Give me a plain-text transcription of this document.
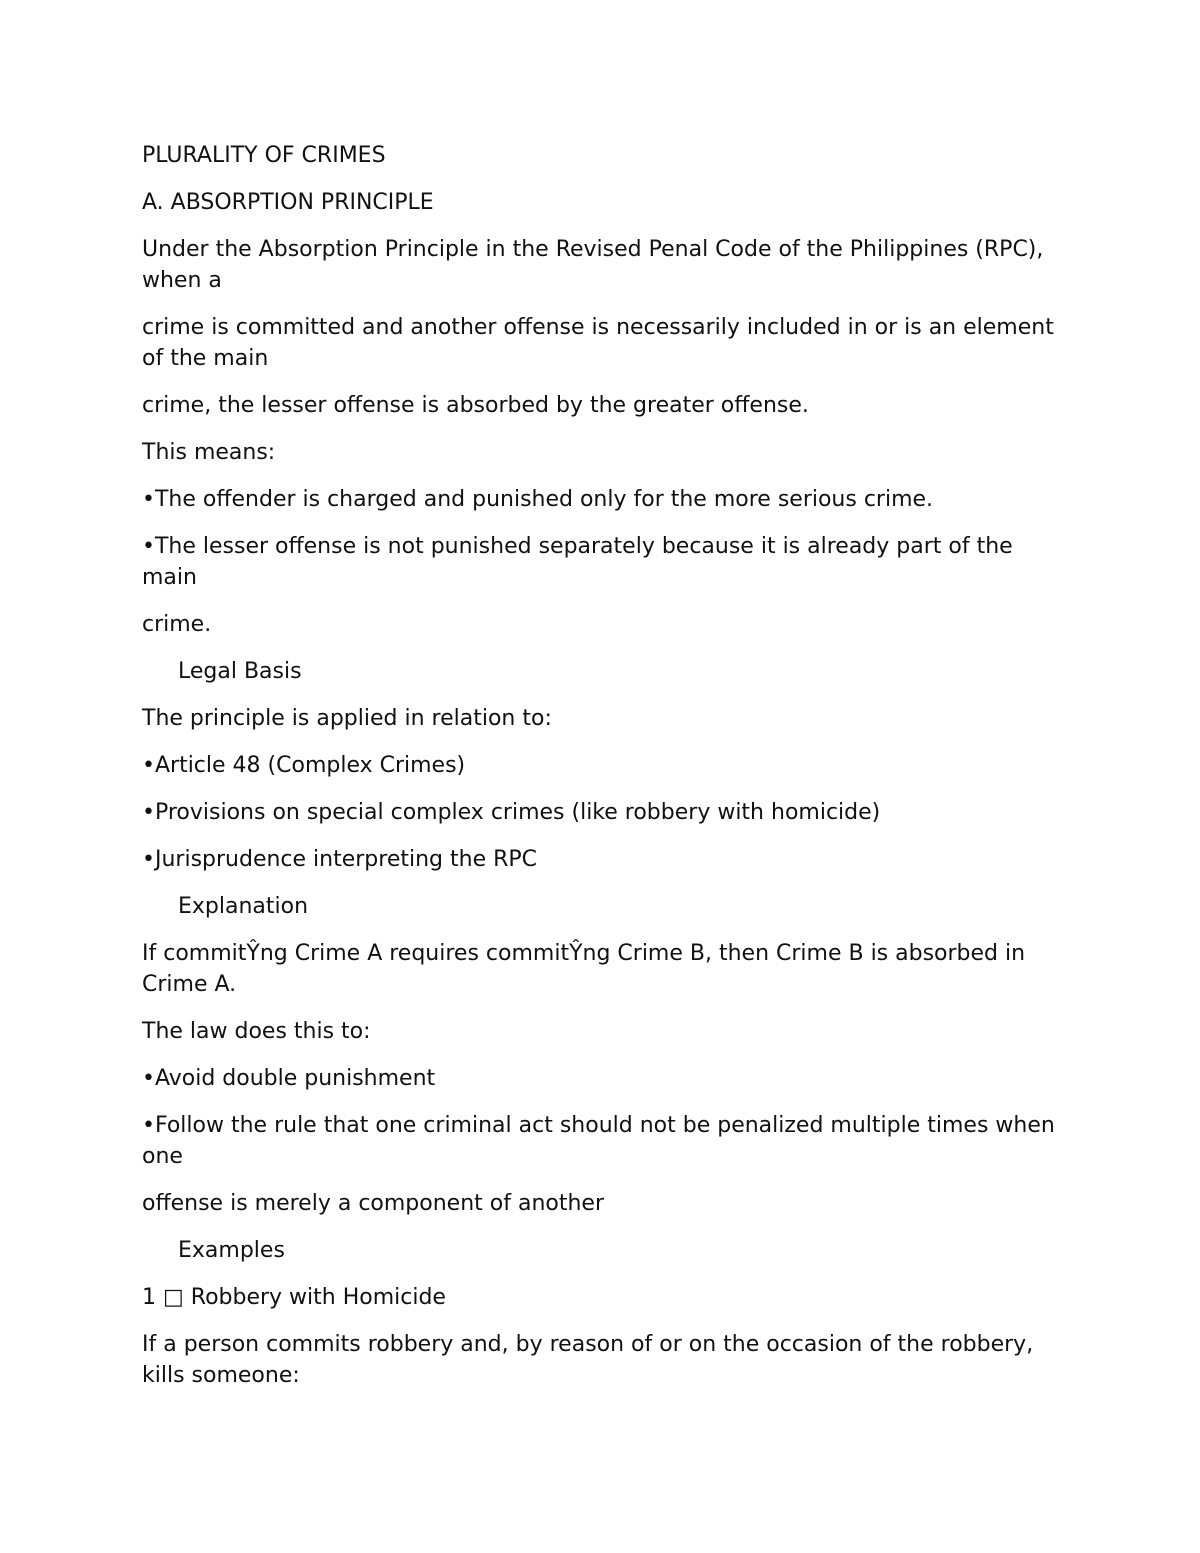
PLURALITY OF CRIMES

A. ABSORPTION PRINCIPLE

Under the Absorption Principle in the Revised Penal Code of the Philippines (RPC), when a

crime is committed and another offense is necessarily included in or is an element of the main

crime, the lesser offense is absorbed by the greater offense.

This means:

•The offender is charged and punished only for the more serious crime.

•The lesser offense is not punished separately because it is already part of the main

crime.

Legal Basis

The principle is applied in relation to:

•Article 48 (Complex Crimes)

•Provisions on special complex crimes (like robbery with homicide)

•Jurisprudence interpreting the RPC

Explanation

If commitŶng Crime A requires commitŶng Crime B, then Crime B is absorbed in Crime A.

The law does this to:

•Avoid double punishment

•Follow the rule that one criminal act should not be penalized multiple times when one

offense is merely a component of another

Examples

1 □ Robbery with Homicide

If a person commits robbery and, by reason of or on the occasion of the robbery, kills someone:
